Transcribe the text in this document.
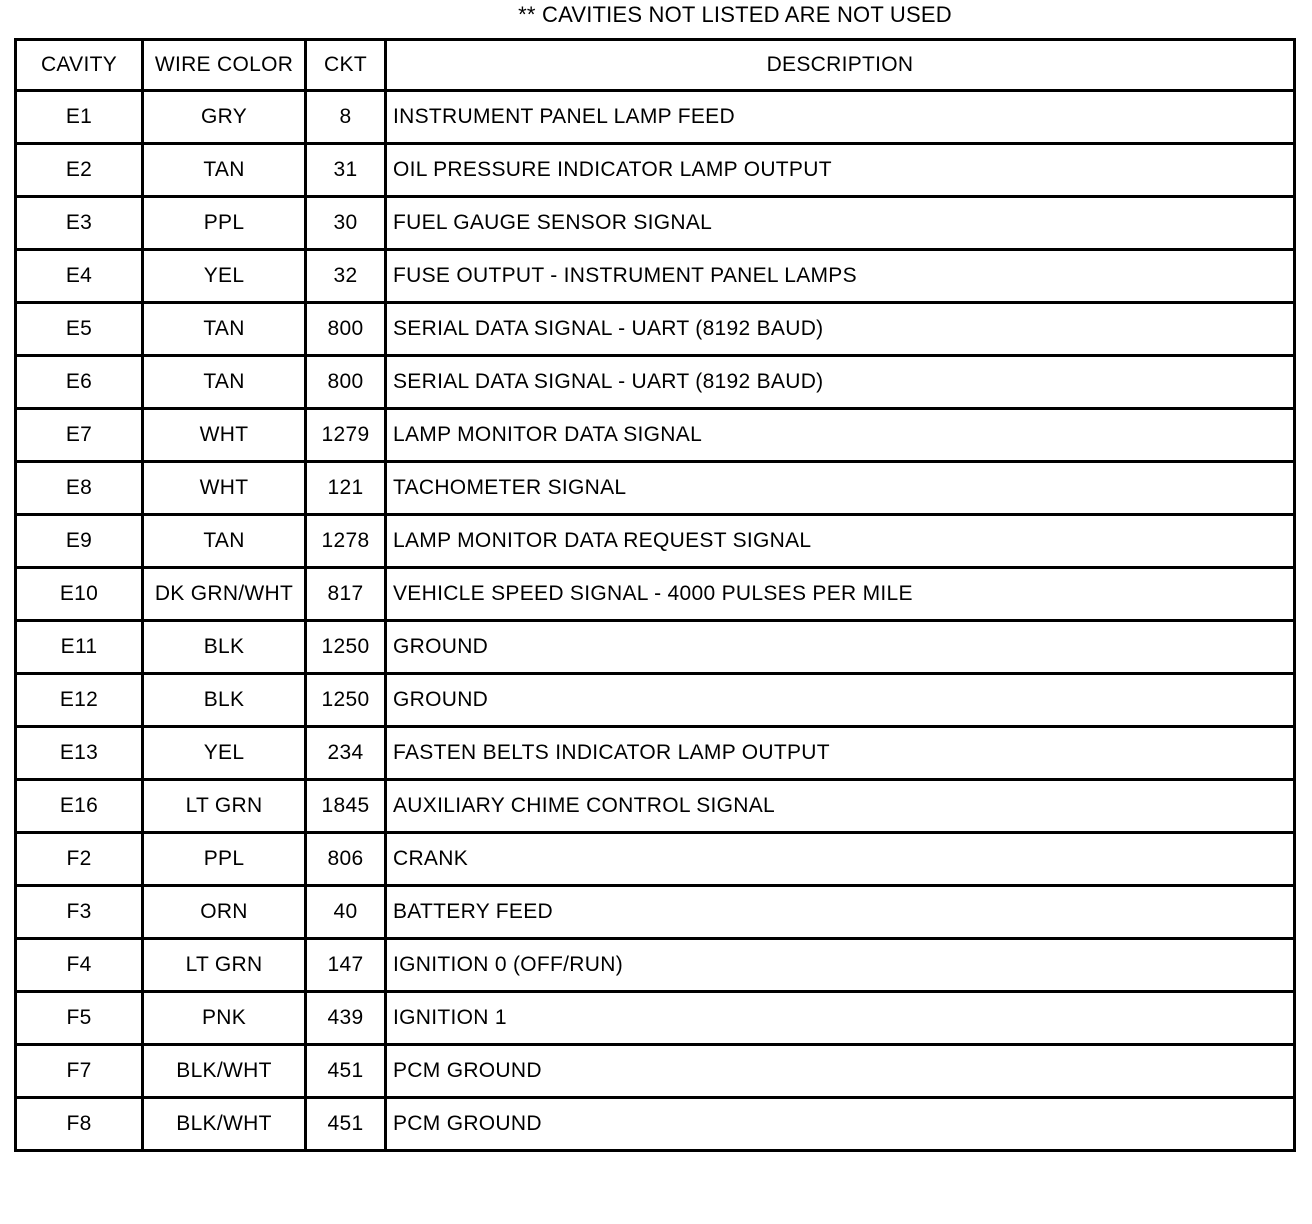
** CAVITIES NOT LISTED ARE NOT USED
CAVITY	WIRE COLOR	CKT	DESCRIPTION
E1	GRY	8	INSTRUMENT PANEL LAMP FEED
E2	TAN	31	OIL PRESSURE INDICATOR LAMP OUTPUT
E3	PPL	30	FUEL GAUGE SENSOR SIGNAL
E4	YEL	32	FUSE OUTPUT - INSTRUMENT PANEL LAMPS
E5	TAN	800	SERIAL DATA SIGNAL - UART (8192 BAUD)
E6	TAN	800	SERIAL DATA SIGNAL - UART (8192 BAUD)
E7	WHT	1279	LAMP MONITOR DATA SIGNAL
E8	WHT	121	TACHOMETER SIGNAL
E9	TAN	1278	LAMP MONITOR DATA REQUEST SIGNAL
E10	DK GRN/WHT	817	VEHICLE SPEED SIGNAL - 4000 PULSES PER MILE
E11	BLK	1250	GROUND
E12	BLK	1250	GROUND
E13	YEL	234	FASTEN BELTS INDICATOR LAMP OUTPUT
E16	LT GRN	1845	AUXILIARY CHIME CONTROL SIGNAL
F2	PPL	806	CRANK
F3	ORN	40	BATTERY FEED
F4	LT GRN	147	IGNITION 0 (OFF/RUN)
F5	PNK	439	IGNITION 1
F7	BLK/WHT	451	PCM GROUND
F8	BLK/WHT	451	PCM GROUND
